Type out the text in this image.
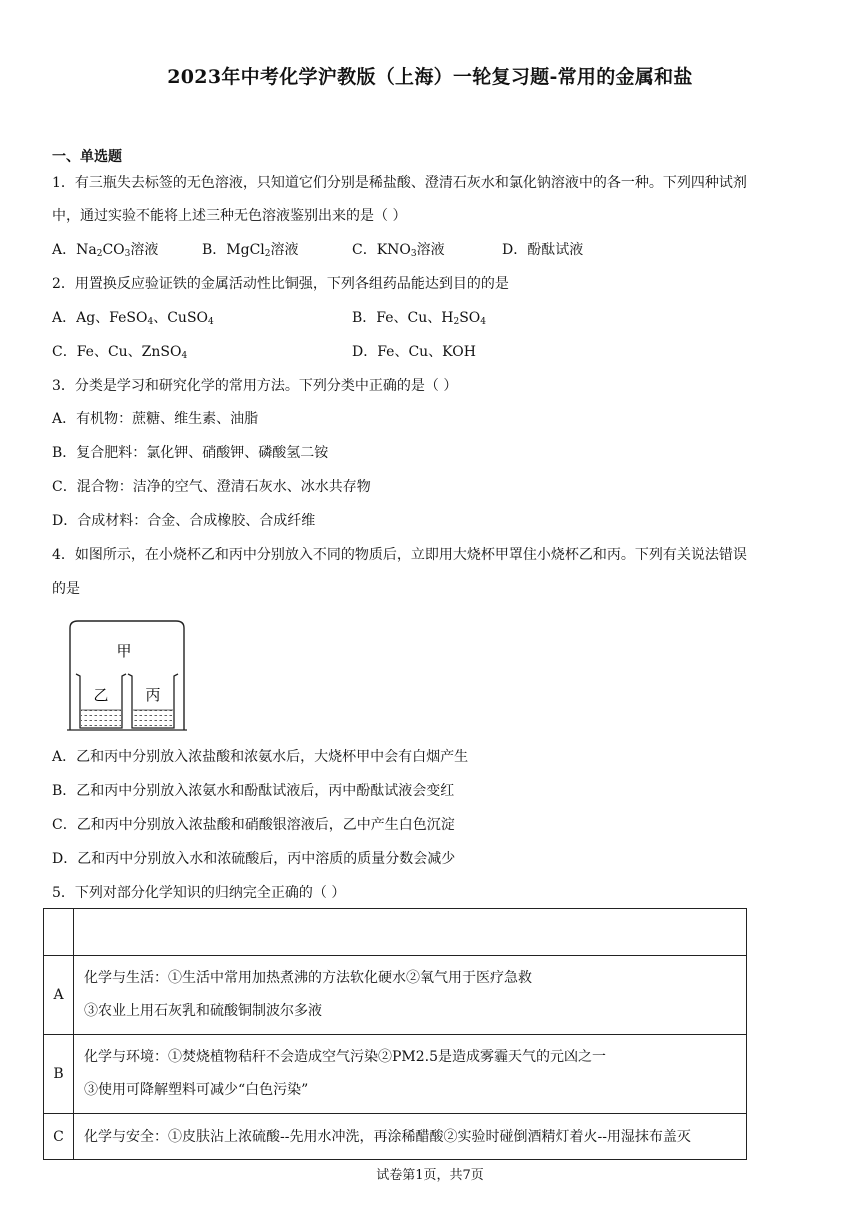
2023年中考化学沪教版（上海）一轮复习题-常用的金属和盐
一、单选题
1．有三瓶失去标签的无色溶液，只知道它们分别是稀盐酸、澄清石灰水和氯化钠溶液中的各一种。下列四种试剂
中，通过实验不能将上述三种无色溶液鉴别出来的是（ ）
A．$Na_2CO_3$溶液	B．MgCl$_2$溶液	C．$KNO_3$溶液	D．酚酞试液
2．用置换反应验证铁的金属活动性比铜强，下列各组药品能达到目的的是
A．Ag、FeSO$_4$、CuSO$_4$	B．Fe、Cu、$H_2SO_4$
C．Fe、Cu、ZnSO$_4$	D．Fe、Cu、KOH
3．分类是学习和研究化学的常用方法。下列分类中正确的是（ ）
A．有机物：蔗糖、维生素、油脂
B．复合肥料：氯化钾、硝酸钾、磷酸氢二铵
C．混合物：洁净的空气、澄清石灰水、冰水共存物
D．合成材料：合金、合成橡胶、合成纤维
4．如图所示，在小烧杯乙和丙中分别放入不同的物质后，立即用大烧杯甲罩住小烧杯乙和丙。下列有关说法错误
的是
甲
乙 丙
A．乙和丙中分别放入浓盐酸和浓氨水后，大烧杯甲中会有白烟产生
B．乙和丙中分别放入浓氨水和酚酞试液后，丙中酚酞试液会变红
C．乙和丙中分别放入浓盐酸和硝酸银溶液后，乙中产生白色沉淀
D．乙和丙中分别放入水和浓硫酸后，丙中溶质的质量分数会减少
5．下列对部分化学知识的归纳完全正确的（ ）

A	化学与生活：①生活中常用加热煮沸的方法软化硬水②氧气用于医疗急救
③农业上用石灰乳和硫酸铜制波尔多液

B	化学与环境：①焚烧植物秸秆不会造成空气污染②PM2.5是造成雾霾天气的元凶之一
③使用可降解塑料可减少“白色污染”

C	化学与安全：①皮肤沾上浓硫酸--先用水冲洗，再涂稀醋酸②实验时碰倒酒精灯着火--用湿抹布盖灭
试卷第1页，共7页
